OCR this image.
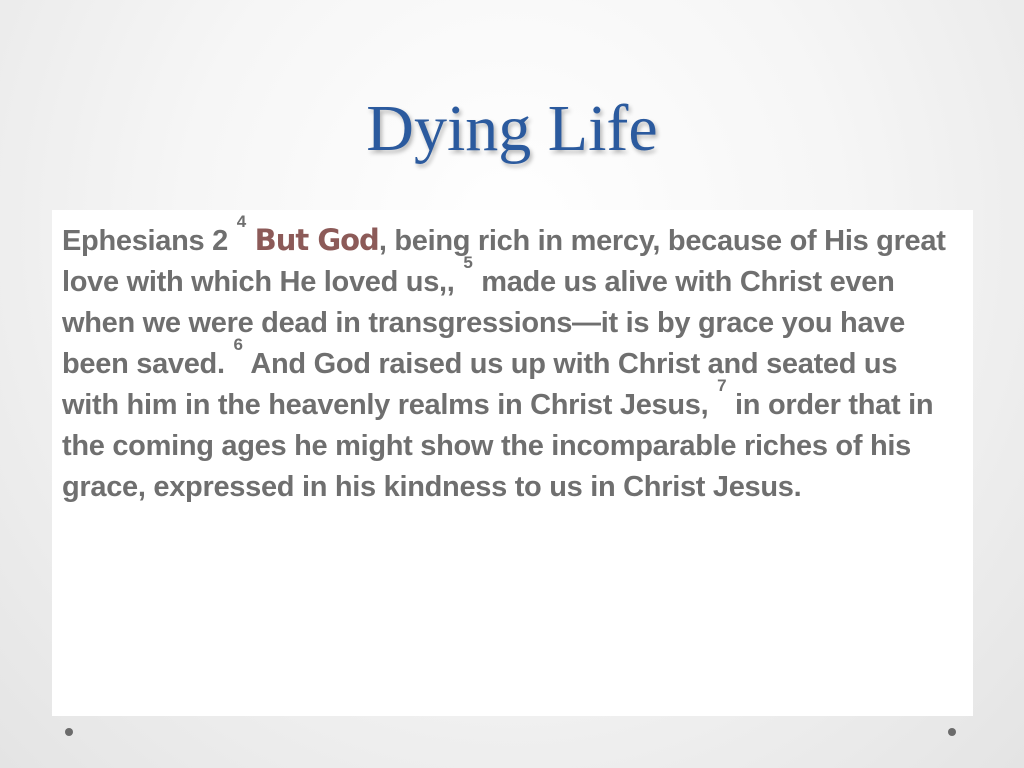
Dying Life

Ephesians 2 $^4$ But God, being rich in mercy, because of His great love with which He loved us,, $^5$ made us alive with Christ even when we were dead in transgressions—it is by grace you have been saved. $^6$ And God raised us up with Christ and seated us with him in the heavenly realms in Christ Jesus, $^7$ in order that in the coming ages he might show the incomparable riches of his grace, expressed in his kindness to us in Christ Jesus.
